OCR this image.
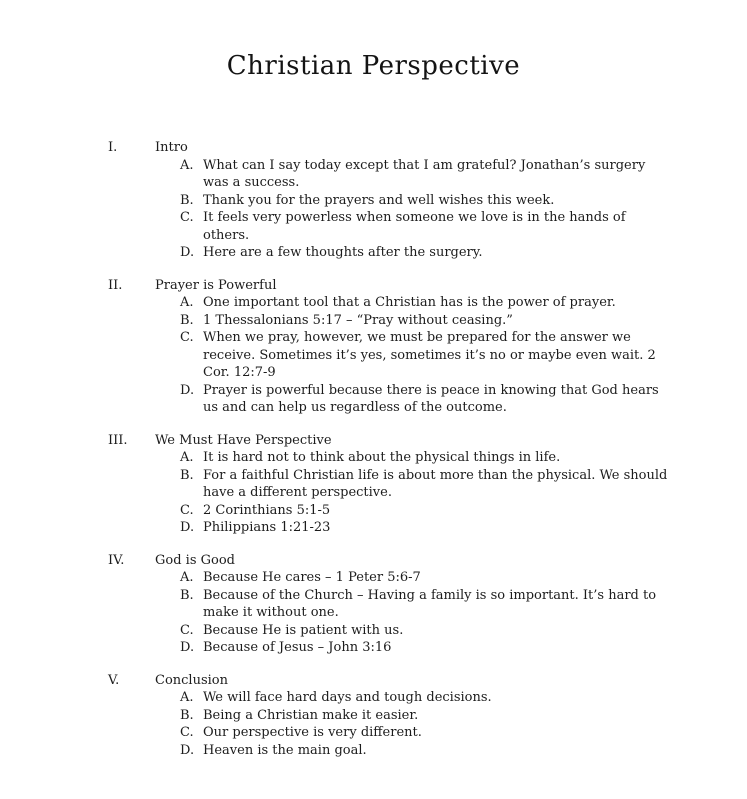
Christian Perspective
I.	Intro
A. What can I say today except that I am grateful? Jonathan’s surgery was a success.
B. Thank you for the prayers and well wishes this week.
C. It feels very powerless when someone we love is in the hands of others.
D. Here are a few thoughts after the surgery.
II.	Prayer is Powerful
A. One important tool that a Christian has is the power of prayer.
B. 1 Thessalonians 5:17 – “Pray without ceasing.”
C. When we pray, however, we must be prepared for the answer we receive. Sometimes it’s yes, sometimes it’s no or maybe even wait. 2 Cor. 12:7-9
D. Prayer is powerful because there is peace in knowing that God hears us and can help us regardless of the outcome.
III.	We Must Have Perspective
A. It is hard not to think about the physical things in life.
B. For a faithful Christian life is about more than the physical. We should have a different perspective.
C. 2 Corinthians 5:1-5
D. Philippians 1:21-23
IV.	God is Good
A. Because He cares – 1 Peter 5:6-7
B. Because of the Church – Having a family is so important. It’s hard to make it without one.
C. Because He is patient with us.
D. Because of Jesus – John 3:16
V.	Conclusion
A. We will face hard days and tough decisions.
B. Being a Christian make it easier.
C. Our perspective is very different.
D. Heaven is the main goal.
